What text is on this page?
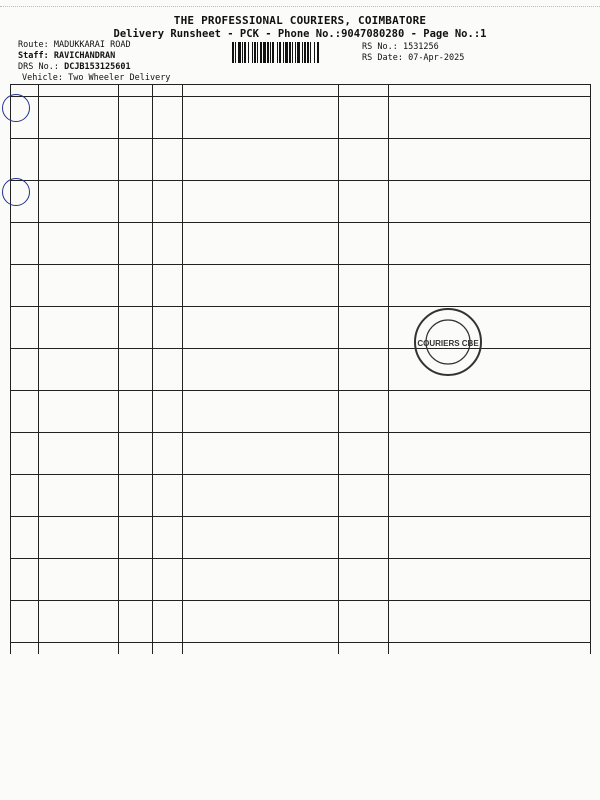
THE PROFESSIONAL COURIERS, COIMBATORE
Delivery Runsheet - PCK - Phone No.:9047080280 - Page No.:1
Route: MADUKKARAI ROAD
Staff: RAVICHANDRAN
DRS No.: DCJB153125601
Vehicle: Two Wheeler Delivery
RS No.: 1531256
RS Date: 07-Apr-2025
COURIERS CBE
